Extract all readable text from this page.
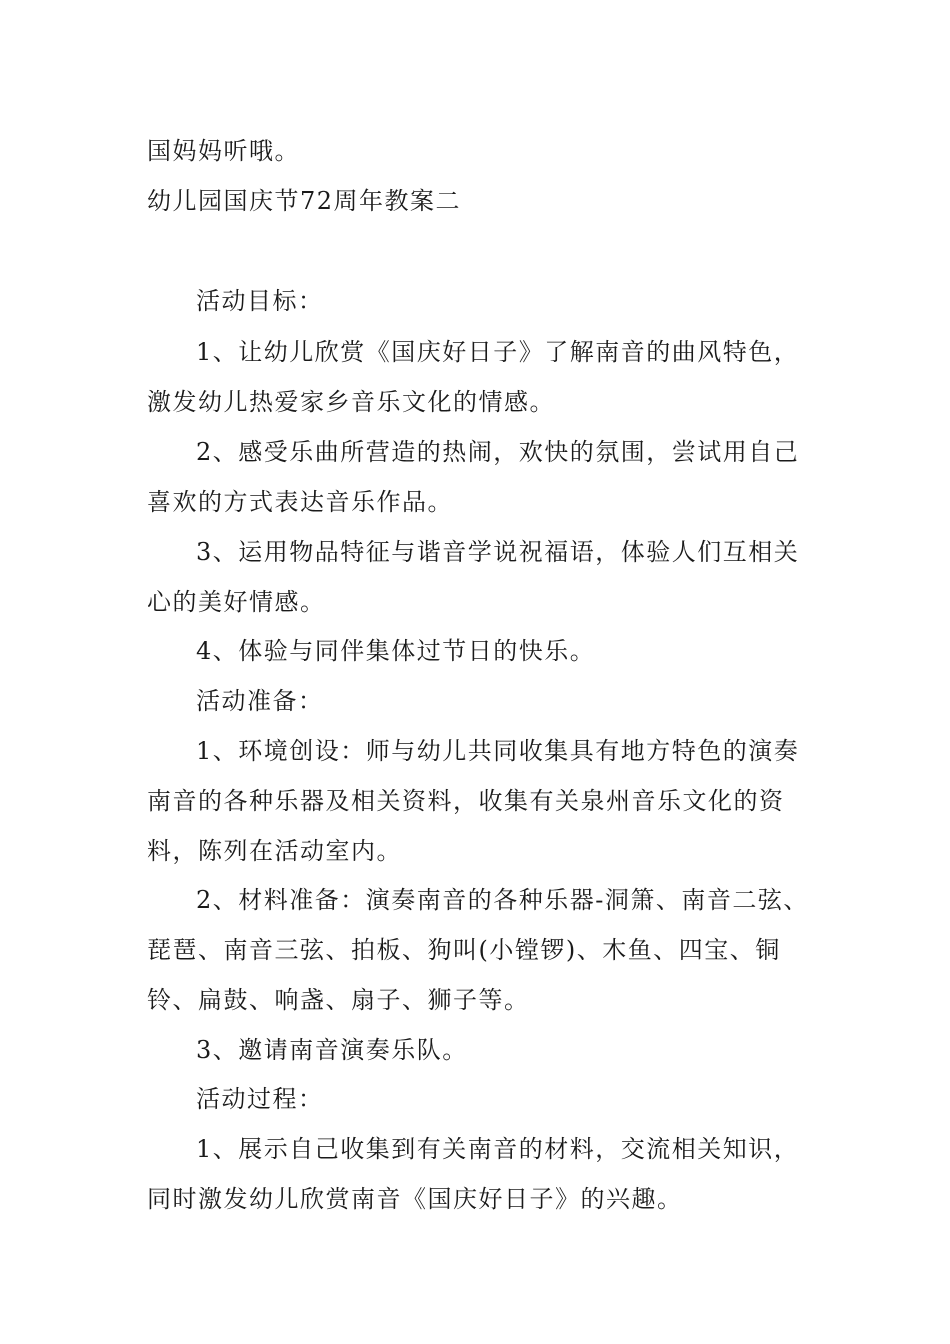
国妈妈听哦。
幼儿园国庆节72周年教案二
活动目标：
1、让幼儿欣赏《国庆好日子》了解南音的曲风特色，
激发幼儿热爱家乡音乐文化的情感。
2、感受乐曲所营造的热闹，欢快的氛围，尝试用自己
喜欢的方式表达音乐作品。
3、运用物品特征与谐音学说祝福语，体验人们互相关
心的美好情感。
4、体验与同伴集体过节日的快乐。
活动准备：
1、环境创设：师与幼儿共同收集具有地方特色的演奏
南音的各种乐器及相关资料，收集有关泉州音乐文化的资
料，陈列在活动室内。
2、材料准备：演奏南音的各种乐器-洞箫、南音二弦、
琵琶、南音三弦、拍板、狗叫(小镗锣)、木鱼、四宝、铜
铃、扁鼓、响盏、扇子、狮子等。
3、邀请南音演奏乐队。
活动过程：
1、展示自己收集到有关南音的材料，交流相关知识，
同时激发幼儿欣赏南音《国庆好日子》的兴趣。
